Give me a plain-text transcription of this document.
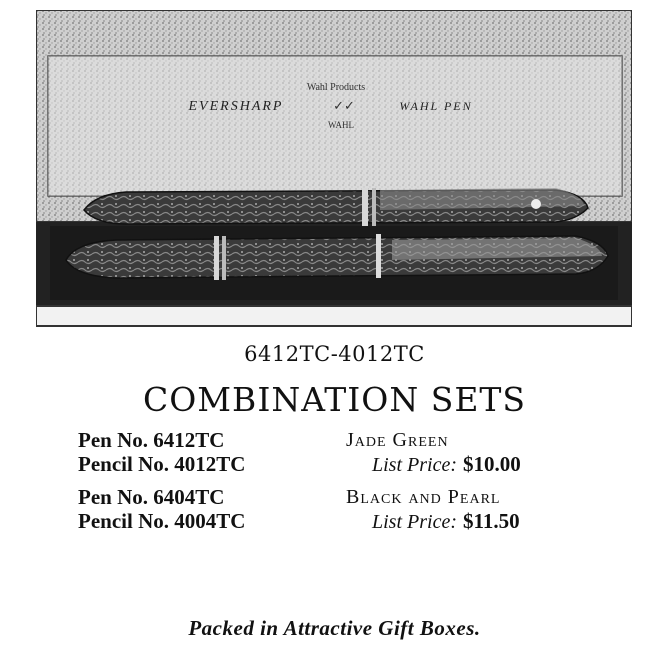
Wahl Products
EVERSHARP	✓✓	WAHL PEN
WAHL
6412TC-4012TC
COMBINATION SETS
Pen No. 6412TC
Pencil No. 4012TC
Jade Green
List Price: $10.00
Pen No. 6404TC
Pencil No. 4004TC
Black and Pearl
List Price: $11.50
Packed in Attractive Gift Boxes.
